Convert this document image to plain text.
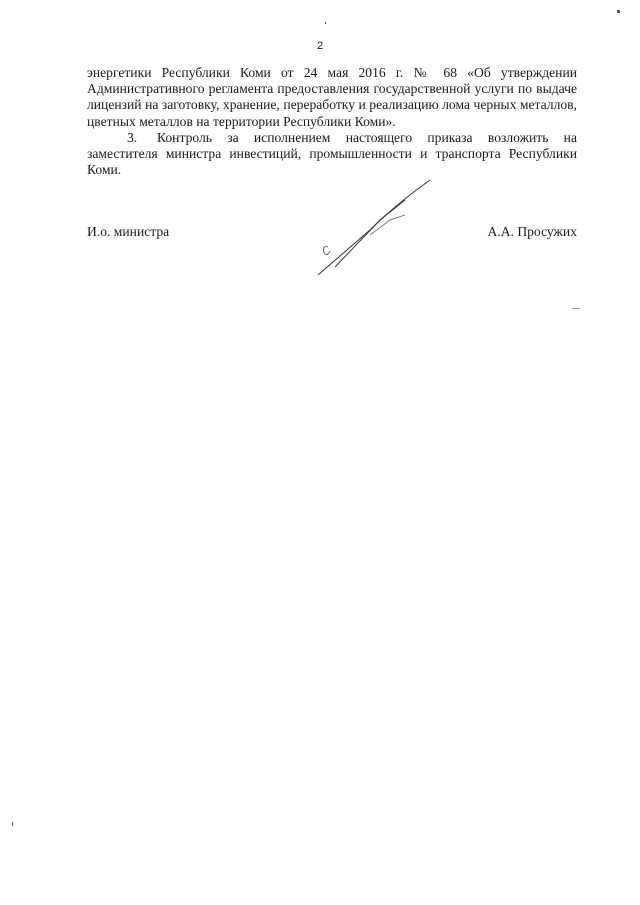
2

энергетики Республики Коми от 24 мая 2016 г. № 68 «Об утверждении Административного регламента предоставления государственной услуги по выдаче лицензий на заготовку, хранение, переработку и реализацию лома черных металлов, цветных металлов на территории Республики Коми».

3. Контроль за исполнением настоящего приказа возложить на заместителя министра инвестиций, промышленности и транспорта Республики Коми.

И.о. министра	А.А. Просужих
